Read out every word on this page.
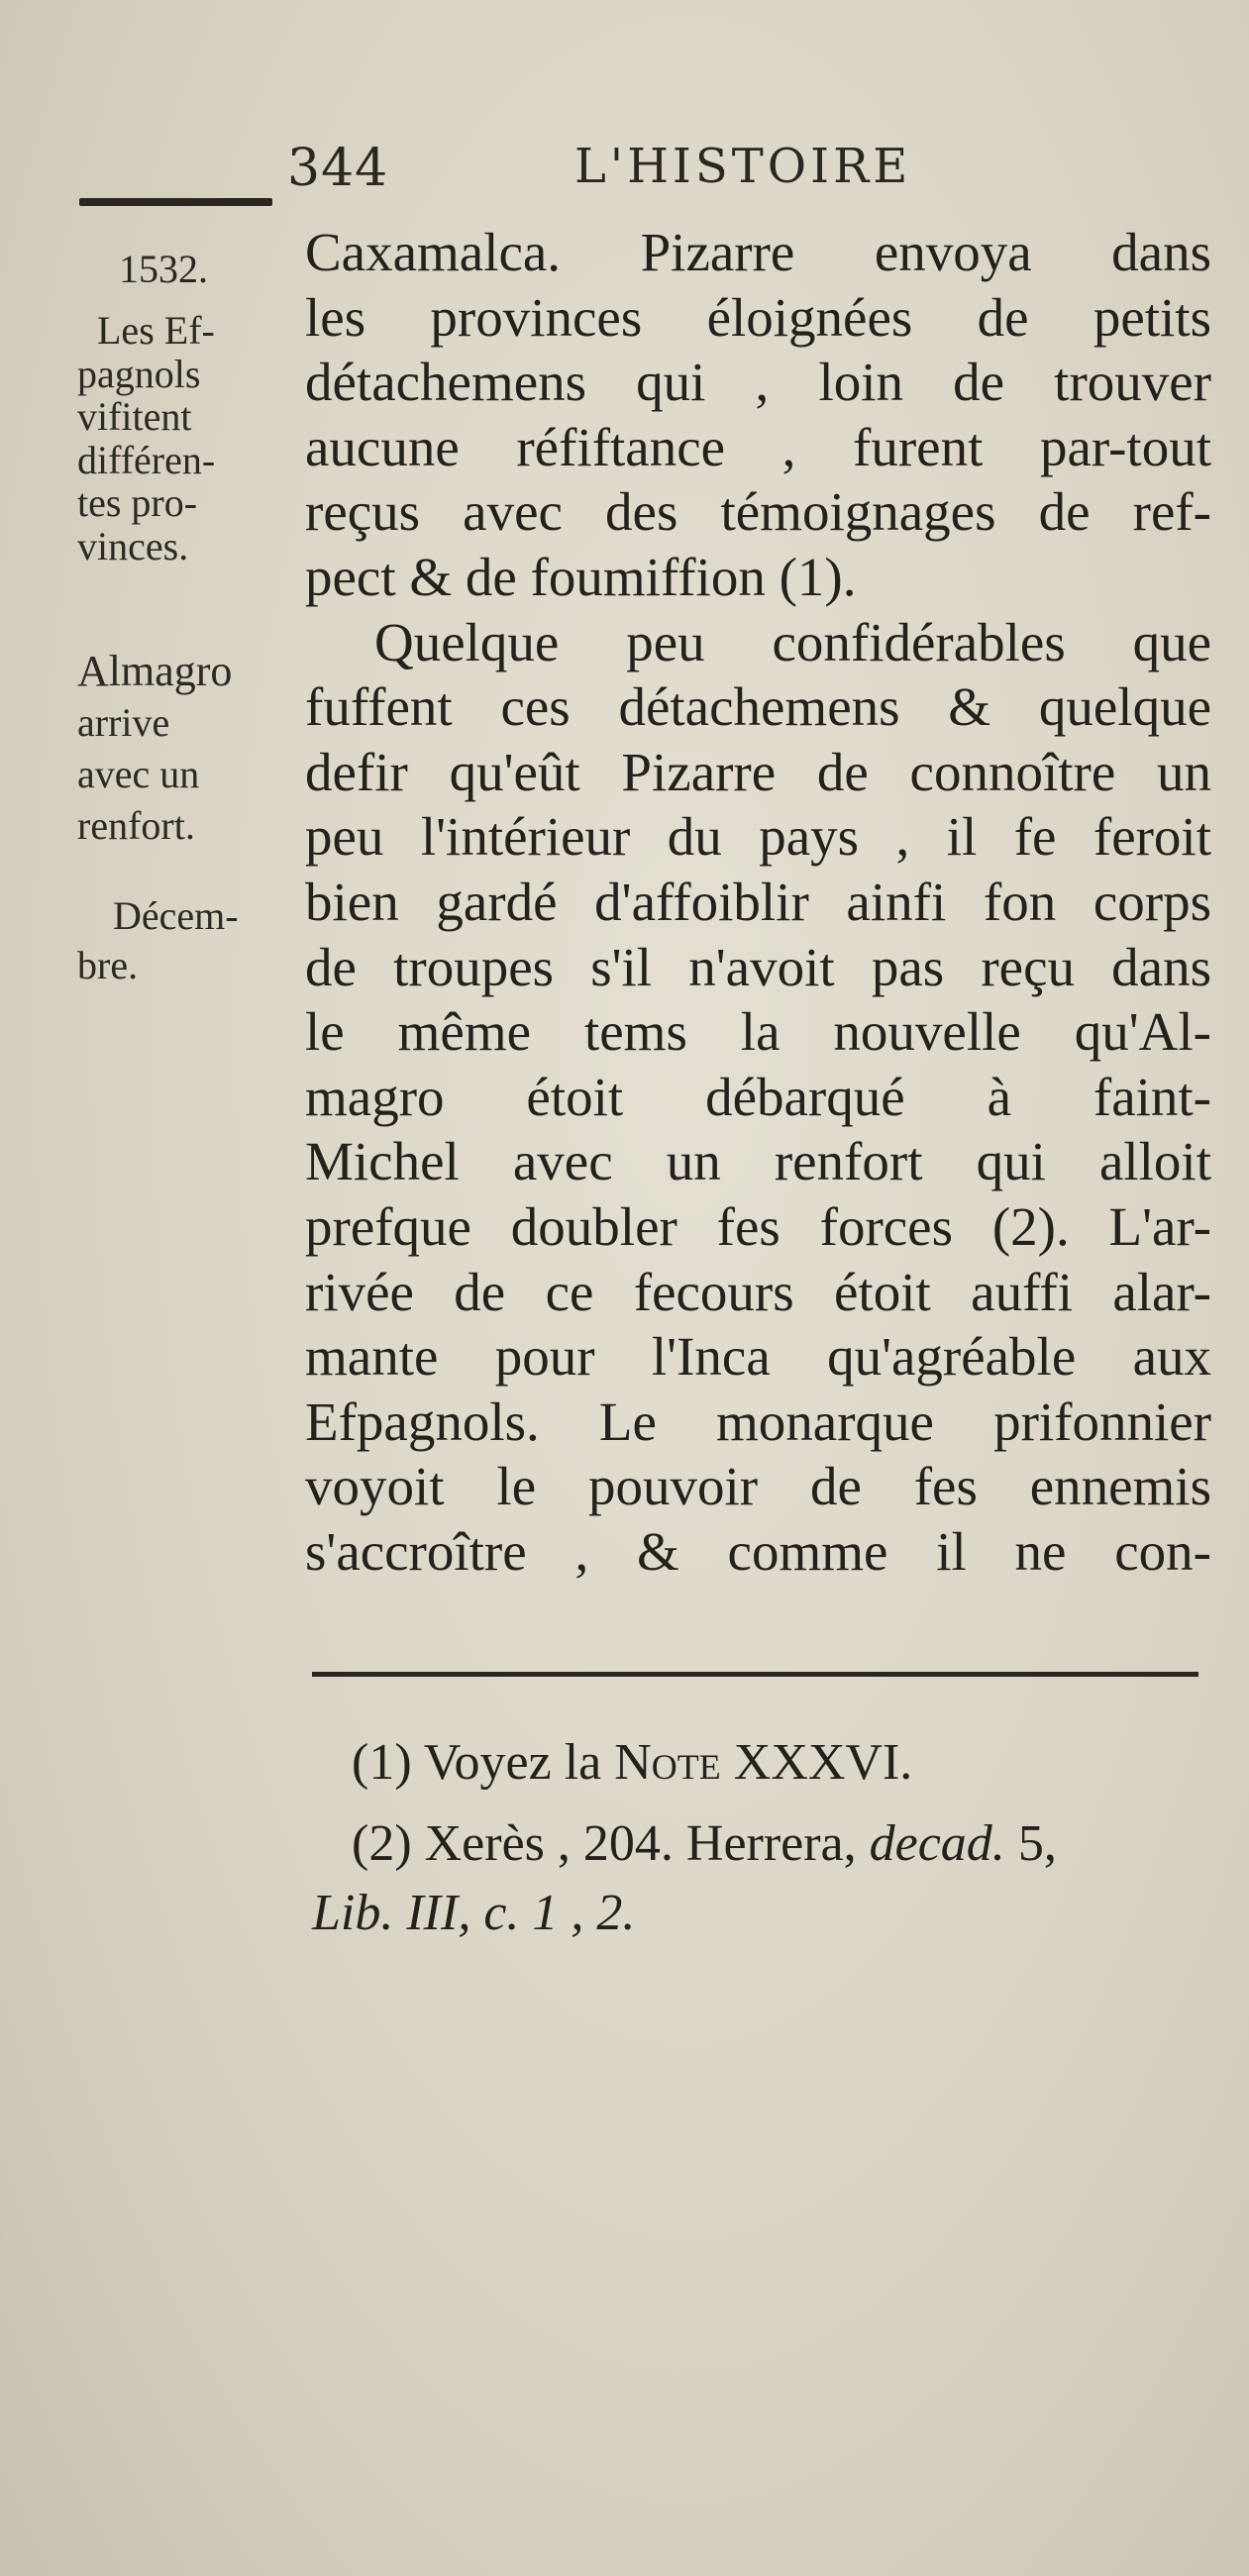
344	L'HISTOIRE
1532.
Les Ef-
pagnols
vifitent
différen-
tes pro-
vinces.
Almagro
arrive
avec un
renfort.
Décem-
bre.
Caxamalca. Pizarre envoya dans
les provinces éloignées de petits
détachemens qui , loin de trouver
aucune réfiftance , furent par-tout
reçus avec des témoignages de ref-
pect & de foumiffion (1).
Quelque peu confidérables que
fuffent ces détachemens & quelque
defir qu'eût Pizarre de connoître un
peu l'intérieur du pays , il fe feroit
bien gardé d'affoiblir ainfi fon corps
de troupes s'il n'avoit pas reçu dans
le même tems la nouvelle qu'Al-
magro étoit débarqué à faint-
Michel avec un renfort qui alloit
prefque doubler fes forces (2). L'ar-
rivée de ce fecours étoit auffi alar-
mante pour l'Inca qu'agréable aux
Efpagnols. Le monarque prifonnier
voyoit le pouvoir de fes ennemis
s'accroître , & comme il ne con-
(1) Voyez la Note XXXVI.
(2) Xerès , 204. Herrera, decad. 5,
Lib. III, c. 1 , 2.
